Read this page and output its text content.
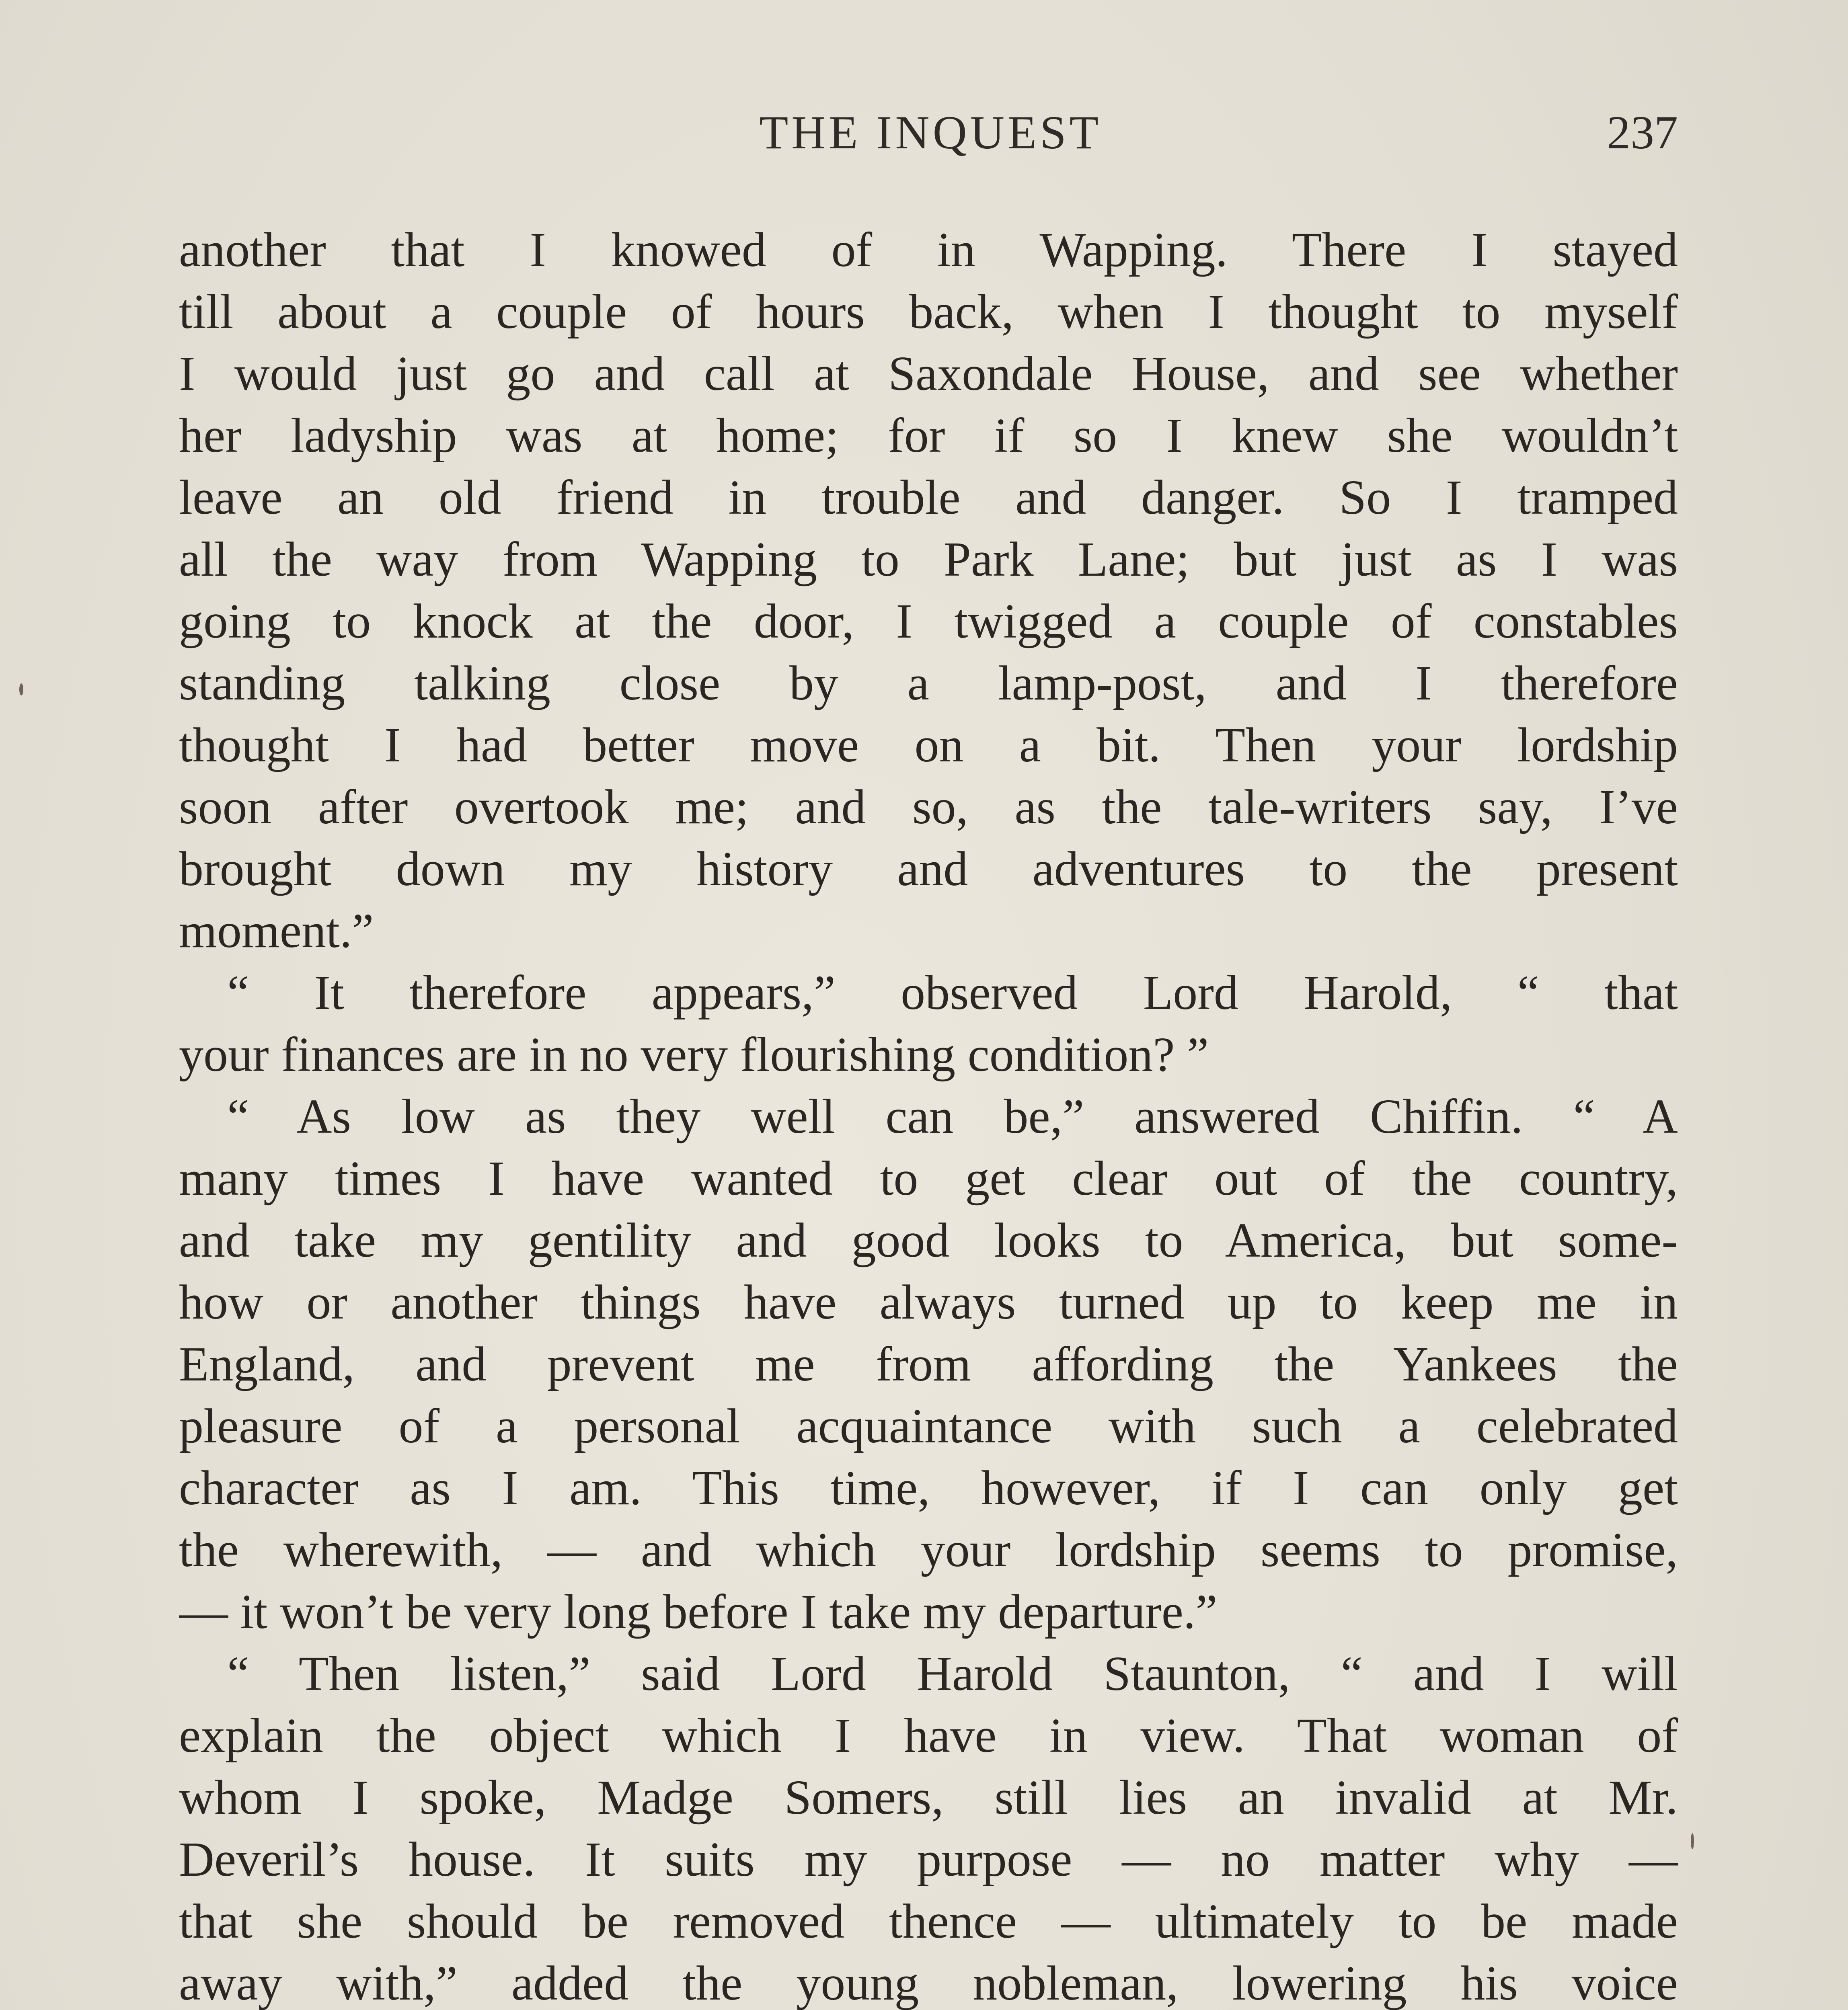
THE INQUEST	237
another that I knowed of in Wapping. There I stayed
till about a couple of hours back, when I thought to myself
I would just go and call at Saxondale House, and see whether
her ladyship was at home; for if so I knew she wouldn’t
leave an old friend in trouble and danger. So I tramped
all the way from Wapping to Park Lane; but just as I was
going to knock at the door, I twigged a couple of constables
standing talking close by a lamp-post, and I therefore
thought I had better move on a bit. Then your lordship
soon after overtook me; and so, as the tale-writers say, I’ve
brought down my history and adventures to the present
moment.”
“ It therefore appears,” observed Lord Harold, “ that
your finances are in no very flourishing condition? ”
“ As low as they well can be,” answered Chiffin. “ A
many times I have wanted to get clear out of the country,
and take my gentility and good looks to America, but some-
how or another things have always turned up to keep me in
England, and prevent me from affording the Yankees the
pleasure of a personal acquaintance with such a celebrated
character as I am. This time, however, if I can only get
the wherewith, — and which your lordship seems to promise,
— it won’t be very long before I take my departure.”
“ Then listen,” said Lord Harold Staunton, “ and I will
explain the object which I have in view. That woman of
whom I spoke, Madge Somers, still lies an invalid at Mr.
Deveril’s house. It suits my purpose — no matter why —
that she should be removed thence — ultimately to be made
away with,” added the young nobleman, lowering his voice
